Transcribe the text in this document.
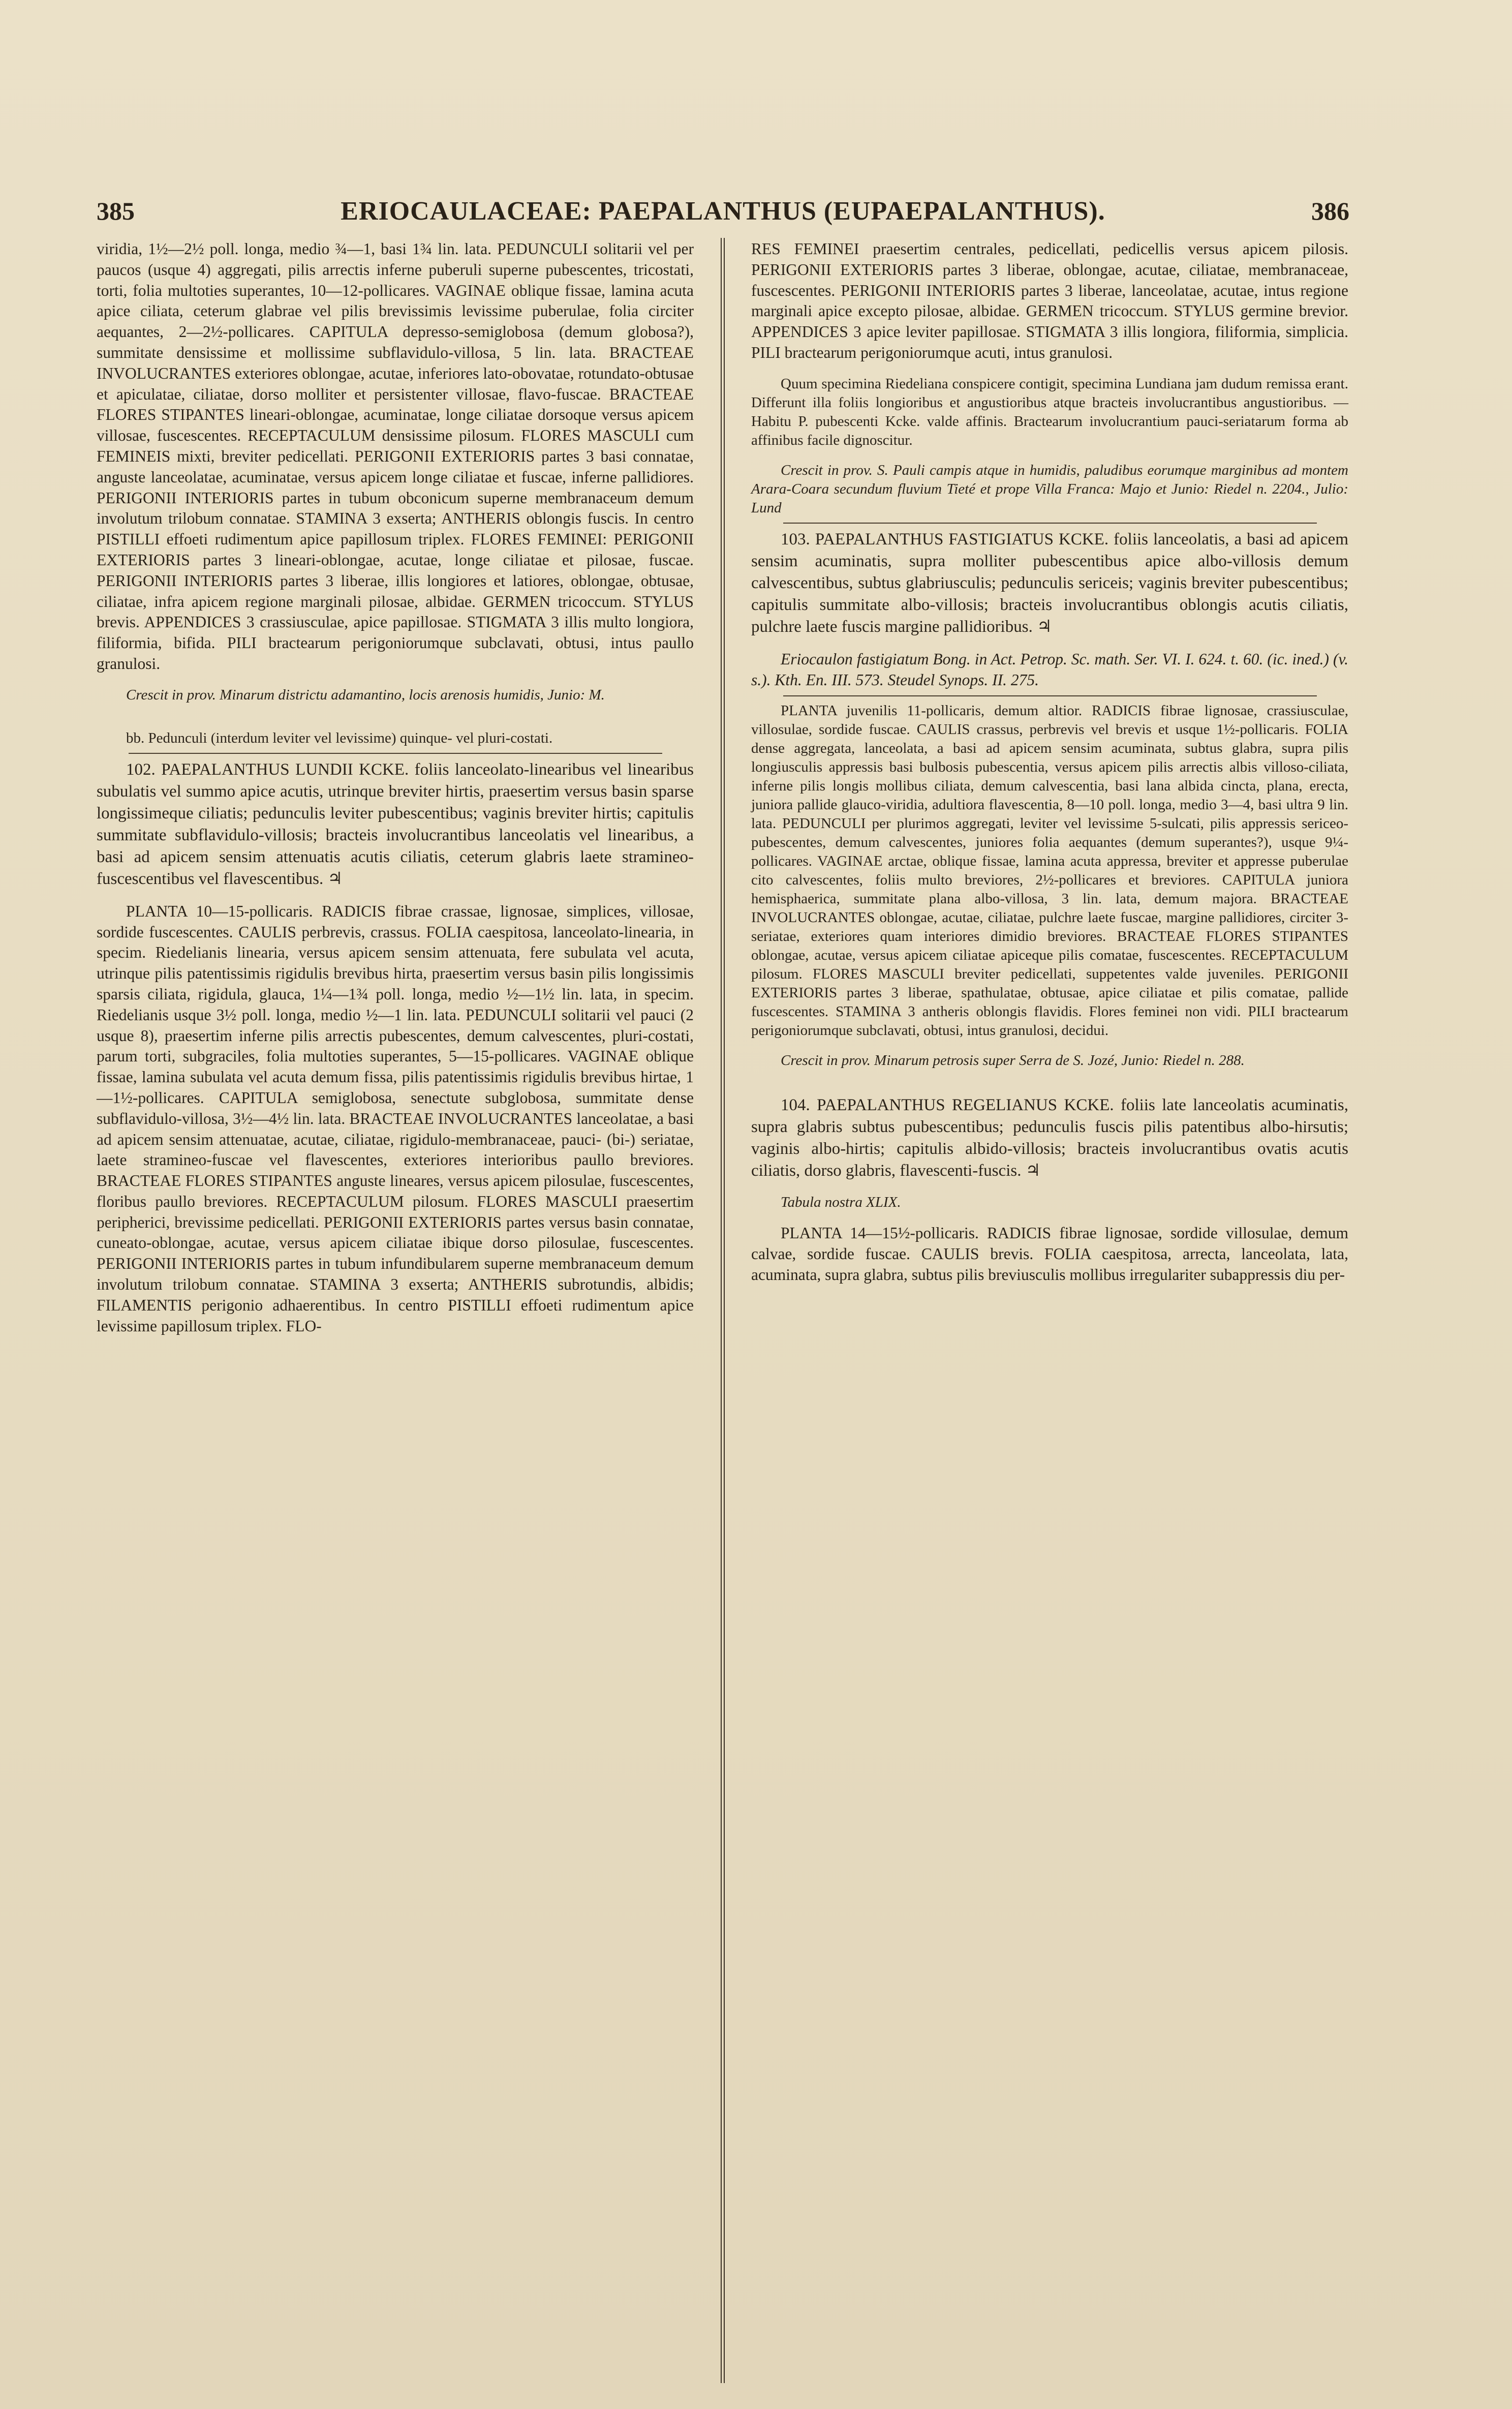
385	ERIOCAULACEAE: PAEPALANTHUS (EUPAEPALANTHUS).	386

viridia, 1½—2½ poll. longa, medio ¾—1, basi 1¾ lin. lata. PEDUNCULI solitarii vel per paucos (usque 4) aggregati, pilis arrectis inferne puberuli superne pubescentes, tricostati, torti, folia multoties superantes, 10—12-pollicares. VAGINAE oblique fissae, lamina acuta apice ciliata, ceterum glabrae vel pilis brevissimis levissime puberulae, folia circiter aequantes, 2—2½-pollicares. CAPITULA depresso-semiglobosa (demum globosa?), summitate densissime et mollissime subflavidulo-villosa, 5 lin. lata. BRACTEAE INVOLUCRANTES exteriores oblongae, acutae, inferiores lato-obovatae, rotundato-obtusae et apiculatae, ciliatae, dorso molliter et persistenter villosae, flavo-fuscae. BRACTEAE FLORES STIPANTES lineari-oblongae, acuminatae, longe ciliatae dorsoque versus apicem villosae, fuscescentes. RECEPTACULUM densissime pilosum. FLORES MASCULI cum FEMINEIS mixti, breviter pedicellati. PERIGONII EXTERIORIS partes 3 basi connatae, anguste lanceolatae, acuminatae, versus apicem longe ciliatae et fuscae, inferne pallidiores. PERIGONII INTERIORIS partes in tubum obconicum superne membranaceum demum involutum trilobum connatae. STAMINA 3 exserta; ANTHERIS oblongis fuscis. In centro PISTILLI effoeti rudimentum apice papillosum triplex. FLORES FEMINEI: PERIGONII EXTERIORIS partes 3 lineari-oblongae, acutae, longe ciliatae et pilosae, fuscae. PERIGONII INTERIORIS partes 3 liberae, illis longiores et latiores, oblongae, obtusae, ciliatae, infra apicem regione marginali pilosae, albidae. GERMEN tricoccum. STYLUS brevis. APPENDICES 3 crassiusculae, apice papillosae. STIGMATA 3 illis multo longiora, filiformia, bifida. PILI bractearum perigoniorumque subclavati, obtusi, intus paullo granulosi.

Crescit in prov. Minarum districtu adamantino, locis arenosis humidis, Junio: M.

bb. Pedunculi (interdum leviter vel levissime) quinque- vel pluri-costati.

102. PAEPALANTHUS LUNDII KCKE. foliis lanceolato-linearibus vel linearibus subulatis vel summo apice acutis, utrinque breviter hirtis, praesertim versus basin sparse longissimeque ciliatis; pedunculis leviter pubescentibus; vaginis breviter hirtis; capitulis summitate subflavidulo-villosis; bracteis involucrantibus lanceolatis vel linearibus, a basi ad apicem sensim attenuatis acutis ciliatis, ceterum glabris laete stramineo-fuscescentibus vel flavescentibus. ♃

PLANTA 10—15-pollicaris. RADICIS fibrae crassae, lignosae, simplices, villosae, sordide fuscescentes. CAULIS perbrevis, crassus. FOLIA caespitosa, lanceolato-linearia, in specim. Riedelianis linearia, versus apicem sensim attenuata, fere subulata vel acuta, utrinque pilis patentissimis rigidulis brevibus hirta, praesertim versus basin pilis longissimis sparsis ciliata, rigidula, glauca, 1¼—1¾ poll. longa, medio ½—1½ lin. lata, in specim. Riedelianis usque 3½ poll. longa, medio ½—1 lin. lata. PEDUNCULI solitarii vel pauci (2 usque 8), praesertim inferne pilis arrectis pubescentes, demum calvescentes, pluri-costati, parum torti, subgraciles, folia multoties superantes, 5—15-pollicares. VAGINAE oblique fissae, lamina subulata vel acuta demum fissa, pilis patentissimis rigidulis brevibus hirtae, 1—1½-pollicares. CAPITULA semiglobosa, senectute subglobosa, summitate dense subflavidulo-villosa, 3½—4½ lin. lata. BRACTEAE INVOLUCRANTES lanceolatae, a basi ad apicem sensim attenuatae, acutae, ciliatae, rigidulo-membranaceae, pauci- (bi-) seriatae, laete stramineo-fuscae vel flavescentes, exteriores interioribus paullo breviores. BRACTEAE FLORES STIPANTES anguste lineares, versus apicem pilosulae, fuscescentes, floribus paullo breviores. RECEPTACULUM pilosum. FLORES MASCULI praesertim peripherici, brevissime pedicellati. PERIGONII EXTERIORIS partes versus basin connatae, cuneato-oblongae, acutae, versus apicem ciliatae ibique dorso pilosulae, fuscescentes. PERIGONII INTERIORIS partes in tubum infundibularem superne membranaceum demum involutum trilobum connatae. STAMINA 3 exserta; ANTHERIS subrotundis, albidis; FILAMENTIS perigonio adhaerentibus. In centro PISTILLI effoeti rudimentum apice levissime papillosum triplex. FLO-

RES FEMINEI praesertim centrales, pedicellati, pedicellis versus apicem pilosis. PERIGONII EXTERIORIS partes 3 liberae, oblongae, acutae, ciliatae, membranaceae, fuscescentes. PERIGONII INTERIORIS partes 3 liberae, lanceolatae, acutae, intus regione marginali apice excepto pilosae, albidae. GERMEN tricoccum. STYLUS germine brevior. APPENDICES 3 apice leviter papillosae. STIGMATA 3 illis longiora, filiformia, simplicia. PILI bractearum perigoniorumque acuti, intus granulosi.

Quum specimina Riedeliana conspicere contigit, specimina Lundiana jam dudum remissa erant. Differunt illa foliis longioribus et angustioribus atque bracteis involucrantibus angustioribus. — Habitu P. pubescenti Kcke. valde affinis. Bractearum involucrantium pauci-seriatarum forma ab affinibus facile dignoscitur.

Crescit in prov. S. Pauli campis atque in humidis, paludibus eorumque marginibus ad montem Arara-Coara secundum fluvium Tieté et prope Villa Franca: Majo et Junio: Riedel n. 2204., Julio: Lund

103. PAEPALANTHUS FASTIGIATUS KCKE. foliis lanceolatis, a basi ad apicem sensim acuminatis, supra molliter pubescentibus apice albo-villosis demum calvescentibus, subtus glabriusculis; pedunculis sericeis; vaginis breviter pubescentibus; capitulis summitate albo-villosis; bracteis involucrantibus oblongis acutis ciliatis, pulchre laete fuscis margine pallidioribus. ♃

Eriocaulon fastigiatum Bong. in Act. Petrop. Sc. math. Ser. VI. I. 624. t. 60. (ic. ined.) (v. s.). Kth. En. III. 573. Steudel Synops. II. 275.

PLANTA juvenilis 11-pollicaris, demum altior. RADICIS fibrae lignosae, crassiusculae, villosulae, sordide fuscae. CAULIS crassus, perbrevis vel brevis et usque 1½-pollicaris. FOLIA dense aggregata, lanceolata, a basi ad apicem sensim acuminata, subtus glabra, supra pilis longiusculis appressis basi bulbosis pubescentia, versus apicem pilis arrectis albis villoso-ciliata, inferne pilis longis mollibus ciliata, demum calvescentia, basi lana albida cincta, plana, erecta, juniora pallide glauco-viridia, adultiora flavescentia, 8—10 poll. longa, medio 3—4, basi ultra 9 lin. lata. PEDUNCULI per plurimos aggregati, leviter vel levissime 5-sulcati, pilis appressis sericeo-pubescentes, demum calvescentes, juniores folia aequantes (demum superantes?), usque 9¼-pollicares. VAGINAE arctae, oblique fissae, lamina acuta appressa, breviter et appresse puberulae cito calvescentes, foliis multo breviores, 2½-pollicares et breviores. CAPITULA juniora hemisphaerica, summitate plana albo-villosa, 3 lin. lata, demum majora. BRACTEAE INVOLUCRANTES oblongae, acutae, ciliatae, pulchre laete fuscae, margine pallidiores, circiter 3-seriatae, exteriores quam interiores dimidio breviores. BRACTEAE FLORES STIPANTES oblongae, acutae, versus apicem ciliatae apiceque pilis comatae, fuscescentes. RECEPTACULUM pilosum. FLORES MASCULI breviter pedicellati, suppetentes valde juveniles. PERIGONII EXTERIORIS partes 3 liberae, spathulatae, obtusae, apice ciliatae et pilis comatae, pallide fuscescentes. STAMINA 3 antheris oblongis flavidis. Flores feminei non vidi. PILI bractearum perigoniorumque subclavati, obtusi, intus granulosi, decidui.

Crescit in prov. Minarum petrosis super Serra de S. Jozé, Junio: Riedel n. 288.

104. PAEPALANTHUS REGELIANUS KCKE. foliis late lanceolatis acuminatis, supra glabris subtus pubescentibus; pedunculis fuscis pilis patentibus albo-hirsutis; vaginis albo-hirtis; capitulis albido-villosis; bracteis involucrantibus ovatis acutis ciliatis, dorso glabris, flavescenti-fuscis. ♃

Tabula nostra XLIX.

PLANTA 14—15½-pollicaris. RADICIS fibrae lignosae, sordide villosulae, demum calvae, sordide fuscae. CAULIS brevis. FOLIA caespitosa, arrecta, lanceolata, lata, acuminata, supra glabra, subtus pilis breviusculis mollibus irregulariter subappressis diu per-
